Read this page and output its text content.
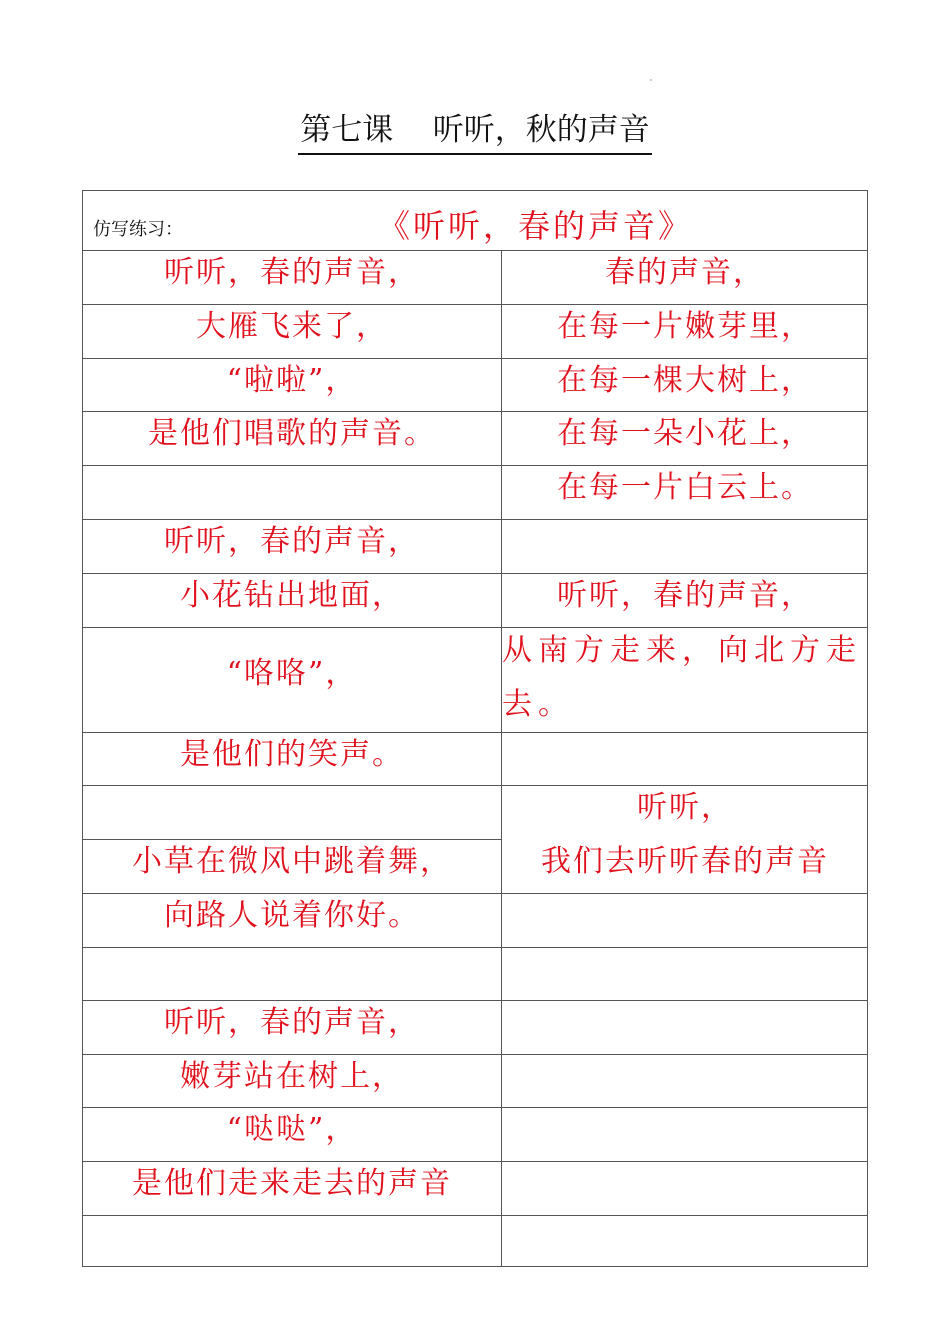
第七课    听听，秋的声音
仿写练习：	《听听，春的声音》
听听，春的声音，
大雁飞来了，
“啦啦”，
是他们唱歌的声音。
听听，春的声音，
小花钻出地面，
“咯咯”，
是他们的笑声。
小草在微风中跳着舞，
向路人说着你好。
听听，春的声音，
嫩芽站在树上，
“哒哒”，
是他们走来走去的声音
春的声音，
在每一片嫩芽里，
在每一棵大树上，
在每一朵小花上，
在每一片白云上。
听听，春的声音，
从南方走来，向北方走去。
听听，
我们去听听春的声音
